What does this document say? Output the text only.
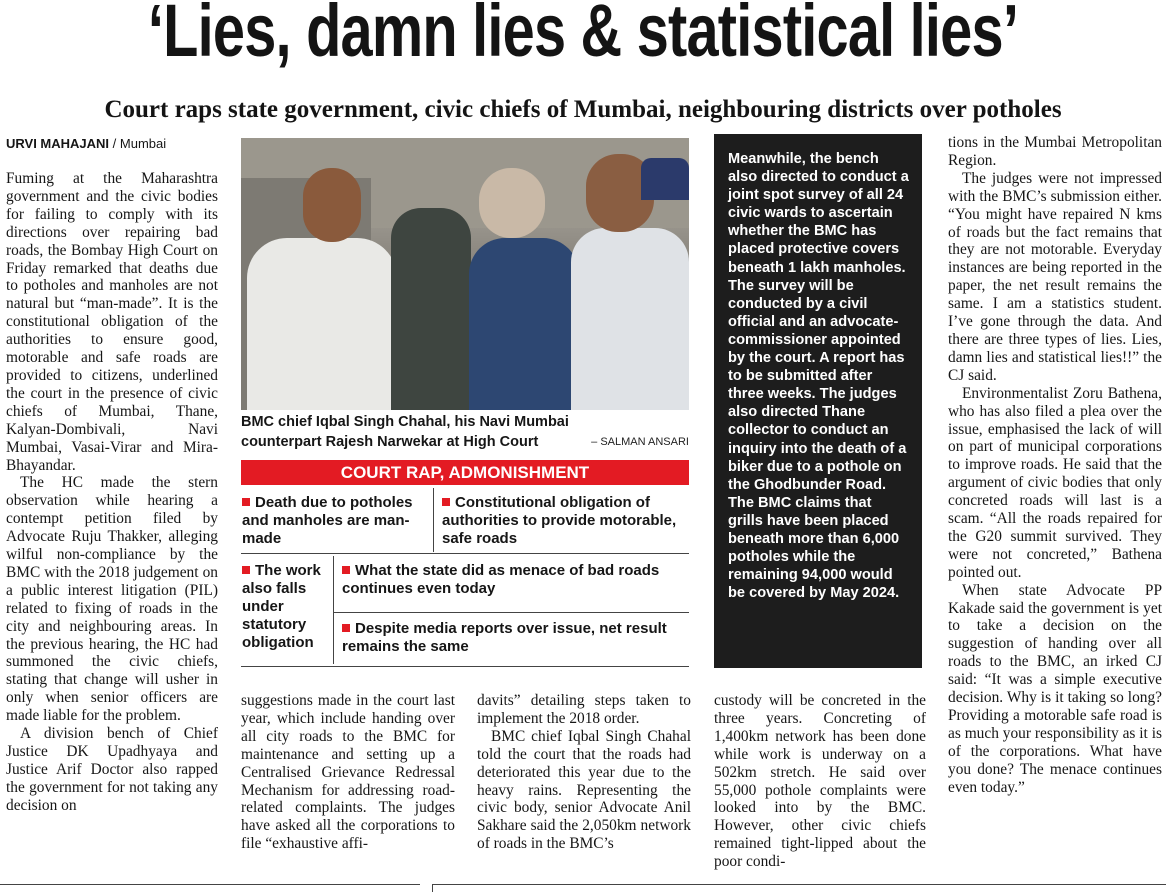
‘Lies, damn lies & statistical lies’
Court raps state government, civic chiefs of Mumbai, neighbouring districts over potholes
URVI MAHAJANI / Mumbai

Fuming at the Maharashtra government and the civic bodies for failing to comply with its directions over repairing bad roads, the Bombay High Court on Friday remarked that deaths due to potholes and manholes are not natural but “man-made”. It is the constitutional obligation of the authorities to ensure good, motorable and safe roads are provided to citizens, underlined the court in the presence of civic chiefs of Mumbai, Thane, Kalyan-Dombivali, Navi Mumbai, Vasai-Virar and Mira-Bhayandar.

The HC made the stern observation while hearing a contempt petition filed by Advocate Ruju Thakker, alleging wilful non-compliance by the BMC with the 2018 judgement on a public interest litigation (PIL) related to fixing of roads in the city and neighbouring areas. In the previous hearing, the HC had summoned the civic chiefs, stating that change will usher in only when senior officers are made liable for the problem.

A division bench of Chief Justice DK Upadhyaya and Justice Arif Doctor also rapped the government for not taking any decision on

BMC chief Iqbal Singh Chahal, his Navi Mumbai counterpart Rajesh Narwekar at High Court	– SALMAN ANSARI
COURT RAP, ADMONISHMENT
Death due to potholes and manholes are man-made
Constitutional obligation of authorities to provide motorable, safe roads
The work also falls under statutory obligation
What the state did as menace of bad roads continues even today
Despite media reports over issue, net result remains the same
Meanwhile, the bench also directed to conduct a joint spot survey of all 24 civic wards to ascertain whether the BMC has placed protective covers beneath 1 lakh manholes. The survey will be conducted by a civil official and an advocate-commissioner appointed by the court. A report has to be submitted after three weeks. The judges also directed Thane collector to conduct an inquiry into the death of a biker due to a pothole on the Ghodbunder Road. The BMC claims that grills have been placed beneath more than 6,000 potholes while the remaining 94,000 would be covered by May 2024.

suggestions made in the court last year, which include handing over all city roads to the BMC for maintenance and setting up a Centralised Grievance Redressal Mechanism for addressing road-related complaints. The judges have asked all the corporations to file “exhaustive affi-

davits” detailing steps taken to implement the 2018 order.

BMC chief Iqbal Singh Chahal told the court that the roads had deteriorated this year due to the heavy rains. Representing the civic body, senior Advocate Anil Sakhare said the 2,050km network of roads in the BMC’s

custody will be concreted in the three years. Concreting of 1,400km network has been done while work is underway on a 502km stretch. He said over 55,000 pothole complaints were looked into by the BMC. However, other civic chiefs remained tight-lipped about the poor condi-

tions in the Mumbai Metropolitan Region.

The judges were not impressed with the BMC’s submission either. “You might have repaired N kms of roads but the fact remains that they are not motorable. Everyday instances are being reported in the paper, the net result remains the same. I am a statistics student. I’ve gone through the data. And there are three types of lies. Lies, damn lies and statistical lies!!” the CJ said.

Environmentalist Zoru Bathena, who has also filed a plea over the issue, emphasised the lack of will on part of municipal corporations to improve roads. He said that the argument of civic bodies that only concreted roads will last is a scam. “All the roads repaired for the G20 summit survived. They were not concreted,” Bathena pointed out.

When state Advocate PP Kakade said the government is yet to take a decision on the suggestion of handing over all roads to the BMC, an irked CJ said: “It was a simple executive decision. Why is it taking so long? Providing a motorable safe road is as much your responsibility as it is of the corporations. What have you done? The menace continues even today.”
